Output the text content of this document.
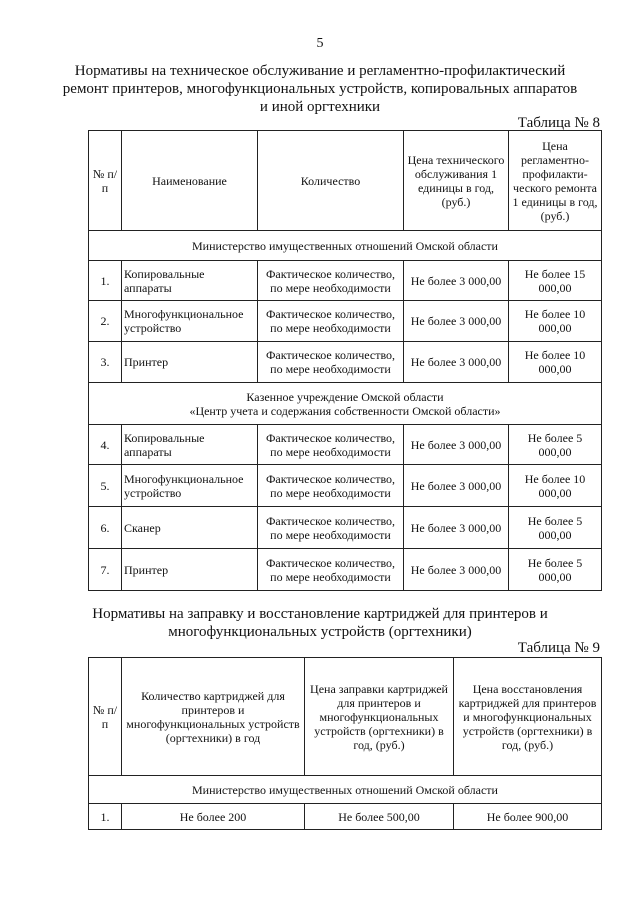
5
Нормативы на техническое обслуживание и регламентно-профилактический ремонт принтеров, многофункциональных устройств, копировальных аппаратов и иной оргтехники
Таблица № 8
№ п/п	Наименование	Количество	Цена технического обслуживания 1 единицы в год, (руб.)	Цена регламентно-профилакти-ческого ремонта 1 единицы в год, (руб.)
Министерство имущественных отношений Омской области				
1.	Копировальные аппараты	Фактическое количество, по мере необходимости	Не более 3 000,00	Не более 15 000,00
2.	Многофункциональное устройство	Фактическое количество, по мере необходимости	Не более 3 000,00	Не более 10 000,00
3.	Принтер	Фактическое количество, по мере необходимости	Не более 3 000,00	Не более 10 000,00

Казенное учреждение Омской области
«Центр учета и содержания собственности Омской области»				

4.	Копировальные аппараты	Фактическое количество, по мере необходимости	Не более 3 000,00	Не более 5 000,00
5.	Многофункциональное устройство	Фактическое количество, по мере необходимости	Не более 3 000,00	Не более 10 000,00
6.	Сканер	Фактическое количество, по мере необходимости	Не более 3 000,00	Не более 5 000,00
7.	Принтер	Фактическое количество, по мере необходимости	Не более 3 000,00	Не более 5 000,00
Нормативы на заправку и восстановление картриджей для принтеров и многофункциональных устройств (оргтехники)
Таблица № 9
№ п/п	Количество картриджей для принтеров и многофункциональных устройств (оргтехники) в год	Цена заправки картриджей для принтеров и многофункциональных устройств (оргтехники) в год, (руб.)	Цена восстановления картриджей для принтеров и многофункциональных устройств (оргтехники) в год, (руб.)
Министерство имущественных отношений Омской области			
1.	Не более 200	Не более 500,00	Не более 900,00
